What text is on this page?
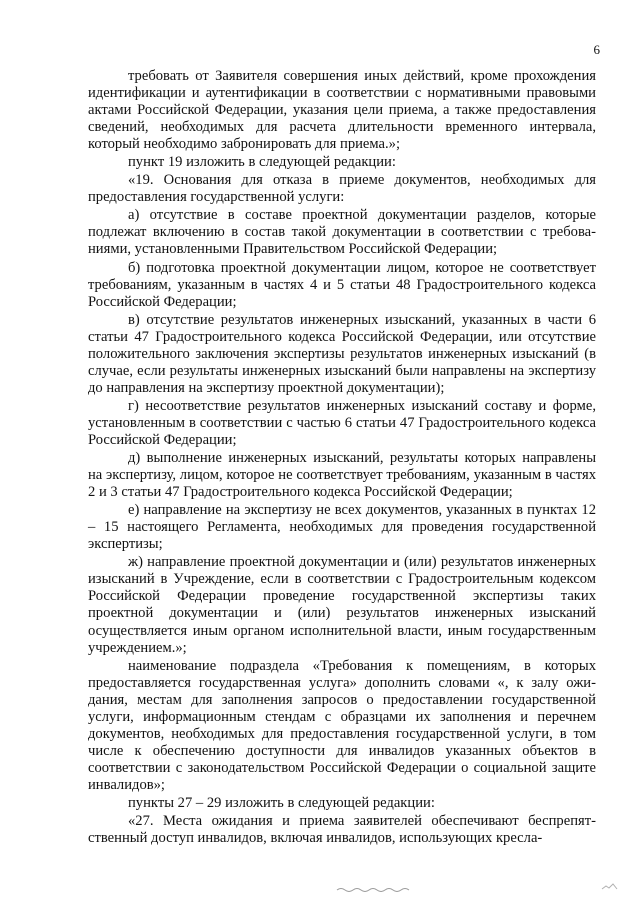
6

требовать от Заявителя совершения иных действий, кроме прохождения идентификации и аутентификации в соответствии с нормативными правовыми актами Российской Федерации, указания цели приема, а также предоставления сведений, необходимых для расчета длительности временного интервала, который необходимо забронировать для приема.»;

пункт 19 изложить в следующей редакции:

«19. Основания для отказа в приеме документов, необходимых для предоставления государственной услуги:

а) отсутствие в составе проектной документации разделов, которые подлежат включению в состав такой документации в соответствии с требованиями, установленными Правительством Российской Федерации;

б) подготовка проектной документации лицом, которое не соответствует требованиям, указанным в частях 4 и 5 статьи 48 Градостроительного кодекса Российской Федерации;

в) отсутствие результатов инженерных изысканий, указанных в части 6 статьи 47 Градостроительного кодекса Российской Федерации, или отсутствие положительного заключения экспертизы результатов инженерных изысканий (в случае, если результаты инженерных изысканий были направлены на экспертизу до направления на экспертизу проектной документации);

г) несоответствие результатов инженерных изысканий составу и форме, установленным в соответствии с частью 6 статьи 47 Градостроительного кодекса Российской Федерации;

д) выполнение инженерных изысканий, результаты которых направлены на экспертизу, лицом, которое не соответствует требованиям, указанным в частях 2 и 3 статьи 47 Градостроительного кодекса Российской Федерации;

е) направление на экспертизу не всех документов, указанных в пунктах 12 – 15 настоящего Регламента, необходимых для проведения государственной экспертизы;

ж) направление проектной документации и (или) результатов инженерных изысканий в Учреждение, если в соответствии с Градостроительным кодексом Российской Федерации проведение государственной экспертизы таких проектной документации и (или) результатов инженерных изысканий осуществляется иным органом исполнительной власти, иным государственным учреждением.»;

наименование подраздела «Требования к помещениям, в которых предоставляется государственная услуга» дополнить словами «, к залу ожидания, местам для заполнения запросов о предоставлении государственной услуги, информационным стендам с образцами их заполнения и перечнем документов, необходимых для предоставления государственной услуги, в том числе к обеспечению доступности для инвалидов указанных объектов в соответствии с законодательством Российской Федерации о социальной защите инвалидов»;

пункты 27 – 29 изложить в следующей редакции:

«27. Места ожидания и приема заявителей обеспечивают беспрепятственный доступ инвалидов, включая инвалидов, использующих кресла-
